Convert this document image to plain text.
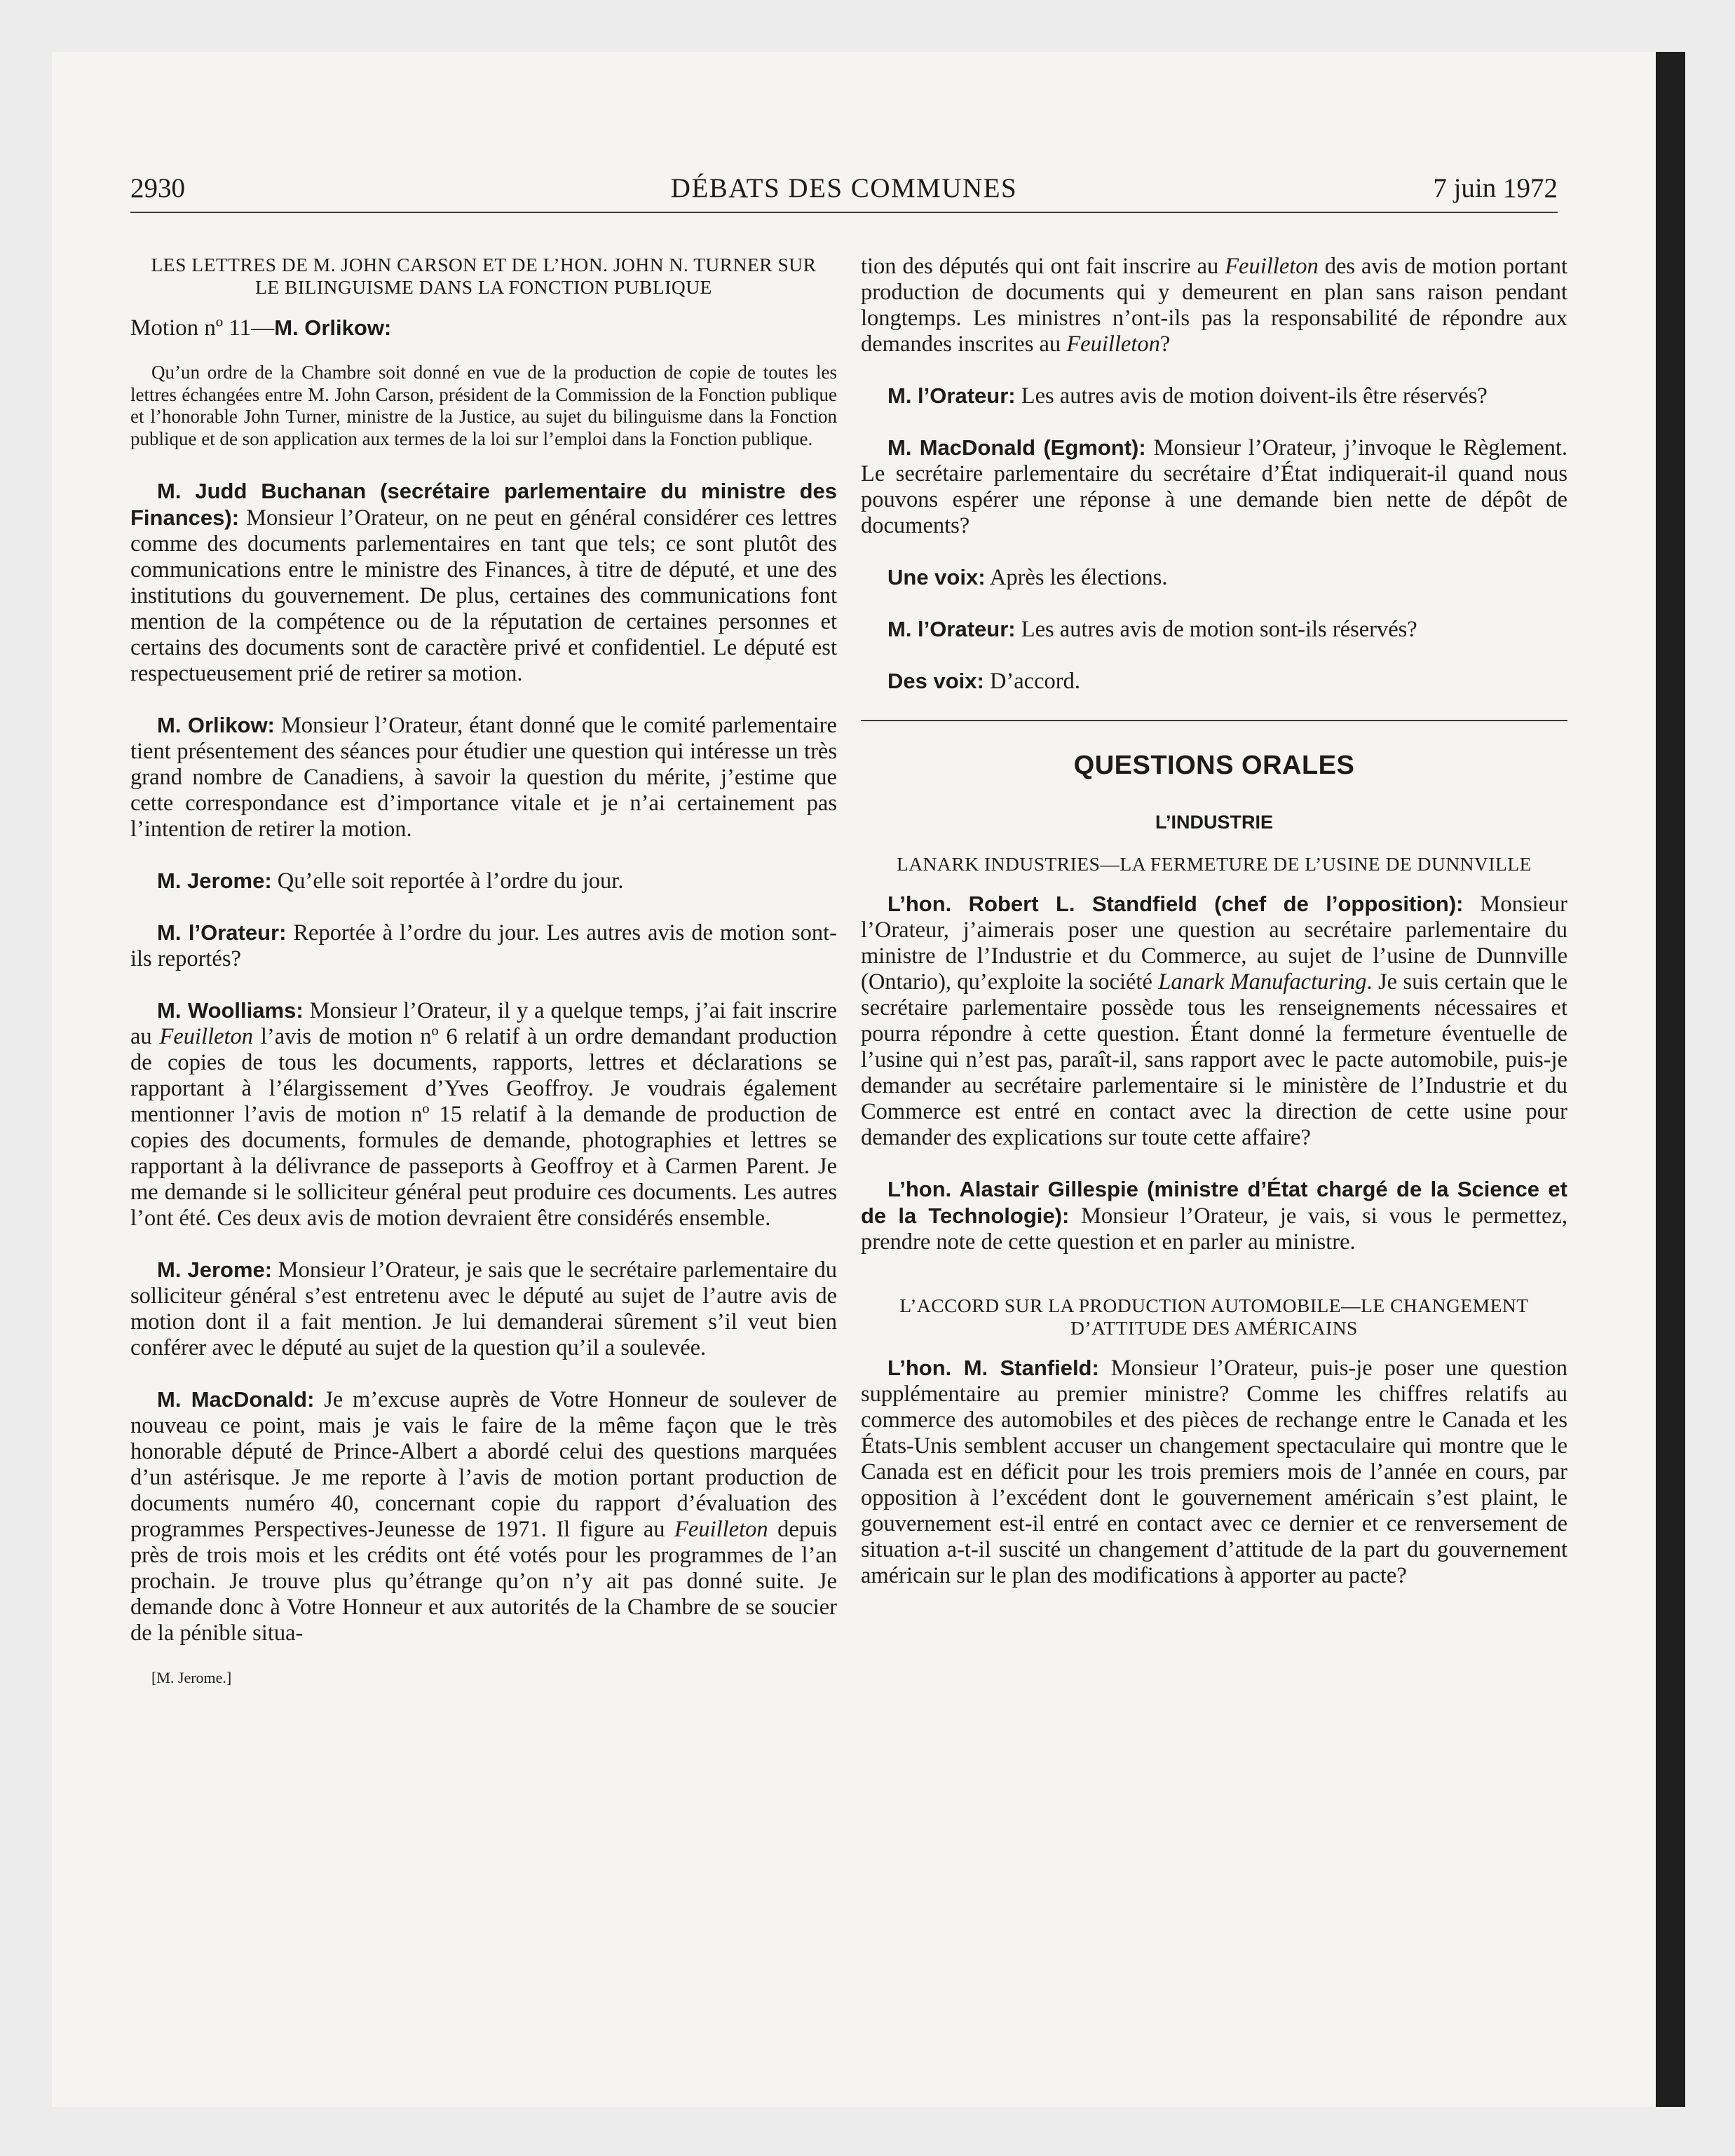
2930	DÉBATS DES COMMUNES	7 juin 1972
LES LETTRES DE M. JOHN CARSON ET DE L’HON. JOHN N. TURNER SUR LE BILINGUISME DANS LA FONCTION PUBLIQUE

Motion nº 11—M. Orlikow:

Qu’un ordre de la Chambre soit donné en vue de la production de copie de toutes les lettres échangées entre M. John Carson, président de la Commission de la Fonction publique et l’honorable John Turner, ministre de la Justice, au sujet du bilinguisme dans la Fonction publique et de son application aux termes de la loi sur l’emploi dans la Fonction publique.

M. Judd Buchanan (secrétaire parlementaire du ministre des Finances): Monsieur l’Orateur, on ne peut en général considérer ces lettres comme des documents parlementaires en tant que tels; ce sont plutôt des communications entre le ministre des Finances, à titre de député, et une des institutions du gouvernement. De plus, certaines des communications font mention de la compétence ou de la réputation de certaines personnes et certains des documents sont de caractère privé et confidentiel. Le député est respectueusement prié de retirer sa motion.

M. Orlikow: Monsieur l’Orateur, étant donné que le comité parlementaire tient présentement des séances pour étudier une question qui intéresse un très grand nombre de Canadiens, à savoir la question du mérite, j’estime que cette correspondance est d’importance vitale et je n’ai certainement pas l’intention de retirer la motion.

M. Jerome: Qu’elle soit reportée à l’ordre du jour.

M. l’Orateur: Reportée à l’ordre du jour. Les autres avis de motion sont-ils reportés?

M. Woolliams: Monsieur l’Orateur, il y a quelque temps, j’ai fait inscrire au Feuilleton l’avis de motion nº 6 relatif à un ordre demandant production de copies de tous les documents, rapports, lettres et déclarations se rapportant à l’élargissement d’Yves Geoffroy. Je voudrais également mentionner l’avis de motion nº 15 relatif à la demande de production de copies des documents, formules de demande, photographies et lettres se rapportant à la délivrance de passeports à Geoffroy et à Carmen Parent. Je me demande si le solliciteur général peut produire ces documents. Les autres l’ont été. Ces deux avis de motion devraient être considérés ensemble.

M. Jerome: Monsieur l’Orateur, je sais que le secrétaire parlementaire du solliciteur général s’est entretenu avec le député au sujet de l’autre avis de motion dont il a fait mention. Je lui demanderai sûrement s’il veut bien conférer avec le député au sujet de la question qu’il a soulevée.

M. MacDonald: Je m’excuse auprès de Votre Honneur de soulever de nouveau ce point, mais je vais le faire de la même façon que le très honorable député de Prince-Albert a abordé celui des questions marquées d’un astérisque. Je me reporte à l’avis de motion portant production de documents numéro 40, concernant copie du rapport d’évaluation des programmes Perspectives-Jeunesse de 1971. Il figure au Feuilleton depuis près de trois mois et les crédits ont été votés pour les programmes de l’an prochain. Je trouve plus qu’étrange qu’on n’y ait pas donné suite. Je demande donc à Votre Honneur et aux autorités de la Chambre de se soucier de la pénible situa-

[M. Jerome.]

tion des députés qui ont fait inscrire au Feuilleton des avis de motion portant production de documents qui y demeurent en plan sans raison pendant longtemps. Les ministres n’ont-ils pas la responsabilité de répondre aux demandes inscrites au Feuilleton?

M. l’Orateur: Les autres avis de motion doivent-ils être réservés?

M. MacDonald (Egmont): Monsieur l’Orateur, j’invoque le Règlement. Le secrétaire parlementaire du secrétaire d’État indiquerait-il quand nous pouvons espérer une réponse à une demande bien nette de dépôt de documents?

Une voix: Après les élections.

M. l’Orateur: Les autres avis de motion sont-ils réservés?

Des voix: D’accord.

QUESTIONS ORALES
L’INDUSTRIE
LANARK INDUSTRIES—LA FERMETURE DE L’USINE DE DUNNVILLE

L’hon. Robert L. Standfield (chef de l’opposition): Monsieur l’Orateur, j’aimerais poser une question au secrétaire parlementaire du ministre de l’Industrie et du Commerce, au sujet de l’usine de Dunnville (Ontario), qu’exploite la société Lanark Manufacturing. Je suis certain que le secrétaire parlementaire possède tous les renseignements nécessaires et pourra répondre à cette question. Étant donné la fermeture éventuelle de l’usine qui n’est pas, paraît-il, sans rapport avec le pacte automobile, puis-je demander au secrétaire parlementaire si le ministère de l’Industrie et du Commerce est entré en contact avec la direction de cette usine pour demander des explications sur toute cette affaire?

L’hon. Alastair Gillespie (ministre d’État chargé de la Science et de la Technologie): Monsieur l’Orateur, je vais, si vous le permettez, prendre note de cette question et en parler au ministre.

L’ACCORD SUR LA PRODUCTION AUTOMOBILE—LE CHANGEMENT D’ATTITUDE DES AMÉRICAINS

L’hon. M. Stanfield: Monsieur l’Orateur, puis-je poser une question supplémentaire au premier ministre? Comme les chiffres relatifs au commerce des automobiles et des pièces de rechange entre le Canada et les États-Unis semblent accuser un changement spectaculaire qui montre que le Canada est en déficit pour les trois premiers mois de l’année en cours, par opposition à l’excédent dont le gouvernement américain s’est plaint, le gouvernement est-il entré en contact avec ce dernier et ce renversement de situation a-t-il suscité un changement d’attitude de la part du gouvernement américain sur le plan des modifications à apporter au pacte?
